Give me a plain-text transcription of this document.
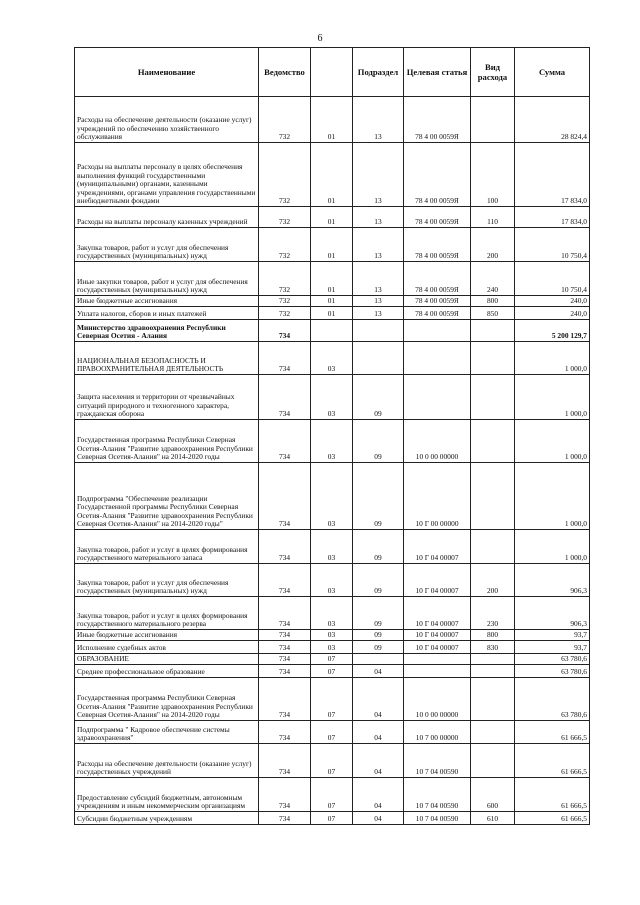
6
Наименование	Ведомство		Подраздел	Целевая статья	Вид расхода	Сумма
Расходы на обеспечение деятельности (оказание услуг) учреждений по обеспечению хозяйственного обслуживания	732	01	13	78 4 00 0059Я		28 824,4
Расходы на выплаты персоналу в целях обеспечения выполнения функций государственными (муниципальными) органами, казенными учреждениями, органами управления государственными внебюджетными фондами	732	01	13	78 4 00 0059Я	100	17 834,0
Расходы на выплаты персоналу казенных учреждений	732	01	13	78 4 00 0059Я	110	17 834,0
Закупка товаров, работ и услуг для обеспечения государственных (муниципальных) нужд	732	01	13	78 4 00 0059Я	200	10 750,4
Иные закупки товаров, работ и услуг для обеспечения государственных (муниципальных) нужд	732	01	13	78 4 00 0059Я	240	10 750,4
Иные бюджетные ассигнования	732	01	13	78 4 00 0059Я	800	240,0
Уплата налогов, сборов и иных платежей	732	01	13	78 4 00 0059Я	850	240,0
Министерство здравоохранения Республики Северная Осетия - Алания	734					5 200 129,7
НАЦИОНАЛЬНАЯ БЕЗОПАСНОСТЬ И ПРАВООХРАНИТЕЛЬНАЯ ДЕЯТЕЛЬНОСТЬ	734	03				1 000,0
Защита населения и территории от чрезвычайных ситуаций природного и техногенного характера, гражданская оборона	734	03	09			1 000,0
Государственная программа Республики Северная Осетия-Алания "Развитие здравоохранения Республики Северная Осетия-Алания" на 2014-2020 годы	734	03	09	10 0 00 00000		1 000,0
Подпрограмма "Обеспечение реализации Государственной программы Республики Северная Осетия-Алания "Развитие здравоохранения Республики Северная Осетия-Алания" на 2014-2020 годы"	734	03	09	10 Г 00 00000		1 000,0
Закупка товаров, работ и услуг в целях формирования государственного материального запаса	734	03	09	10 Г 04 00007		1 000,0
Закупка товаров, работ и услуг для обеспечения государственных (муниципальных) нужд	734	03	09	10 Г 04 00007	200	906,3
Закупка товаров, работ и услуг в целях формирования государственного материального резерва	734	03	09	10 Г 04 00007	230	906,3
Иные бюджетные ассигнования	734	03	09	10 Г 04 00007	800	93,7
Исполнение судебных актов	734	03	09	10 Г 04 00007	830	93,7
ОБРАЗОВАНИЕ	734	07				63 780,6
Среднее профессиональное образование	734	07	04			63 780,6
Государственная программа Республики Северная Осетия-Алания "Развитие здравоохранения Республики Северная Осетия-Алания" на 2014-2020 годы	734	07	04	10 0 00 00000		63 780,6
Подпрограмма " Кадровое обеспечение системы здравоохранения"	734	07	04	10 7 00 00000		61 666,5
Расходы на обеспечение деятельности (оказание услуг) государственных учреждений	734	07	04	10 7 04 00590		61 666,5
Предоставление субсидий бюджетным, автономным учреждениям и иным некоммерческим организациям	734	07	04	10 7 04 00590	600	61 666,5
Субсидии бюджетным учреждениям	734	07	04	10 7 04 00590	610	61 666,5
